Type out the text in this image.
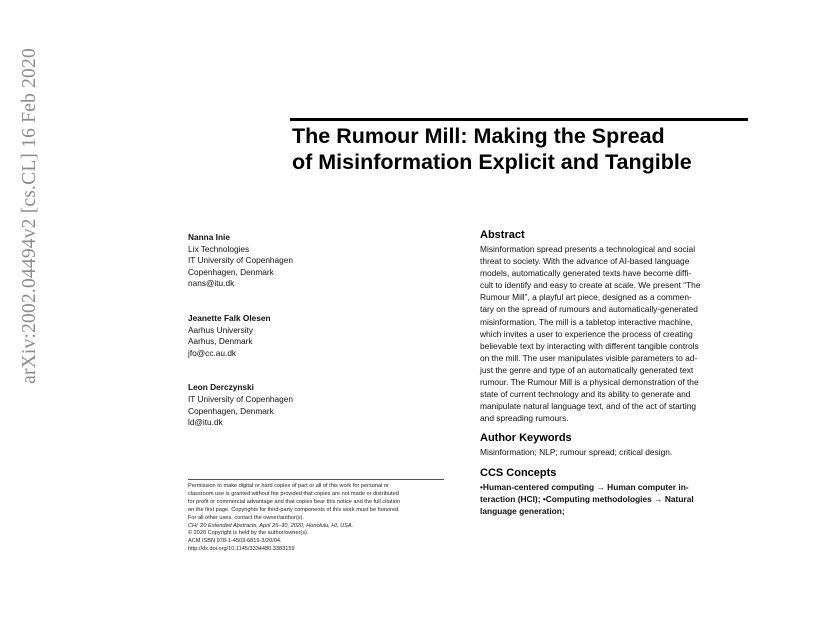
arXiv:2002.04494v2 [cs.CL] 16 Feb 2020	The Rumour Mill: Making the Spread
of Misinformation Explicit and Tangible
Nanna Inie
Lix Technologies
IT University of Copenhagen
Copenhagen, Denmark
nans@itu.dk
Jeanette Falk Olesen
Aarhus University
Aarhus, Denmark
jfo@cc.au.dk
Leon Derczynski
IT University of Copenhagen
Copenhagen, Denmark
ld@itu.dk
Permission to make digital or hard copies of part or all of this work for personal or
classroom use is granted without fee provided that copies are not made or distributed
for profit or commercial advantage and that copies bear this notice and the full citation
on the first page. Copyrights for third-party components of this work must be honored.
For all other uses, contact the owner/author(s).
CHI '20 Extended Abstracts, April 25–30, 2020, Honolulu, HI, USA.
© 2020 Copyright is held by the author/owner(s).
ACM ISBN 978-1-4503-6819-3/20/04.
http://dx.doi.org/10.1145/3334480.3383159
Abstract

Misinformation spread presents a technological and social
threat to society. With the advance of AI-based language
models, automatically generated texts have become diffi-
cult to identify and easy to create at scale. We present “The
Rumour Mill”, a playful art piece, designed as a commen-
tary on the spread of rumours and automatically-generated
misinformation. The mill is a tabletop interactive machine,
which invites a user to experience the process of creating
believable text by interacting with different tangible controls
on the mill. The user manipulates visible parameters to ad-
just the genre and type of an automatically generated text
rumour. The Rumour Mill is a physical demonstration of the
state of current technology and its ability to generate and
manipulate natural language text, and of the act of starting
and spreading rumours.

Author Keywords

Misinformation; NLP; rumour spread; critical design.

CCS Concepts

•Human-centered computing → Human computer in-
teraction (HCI); •Computing methodologies → Natural
language generation;
